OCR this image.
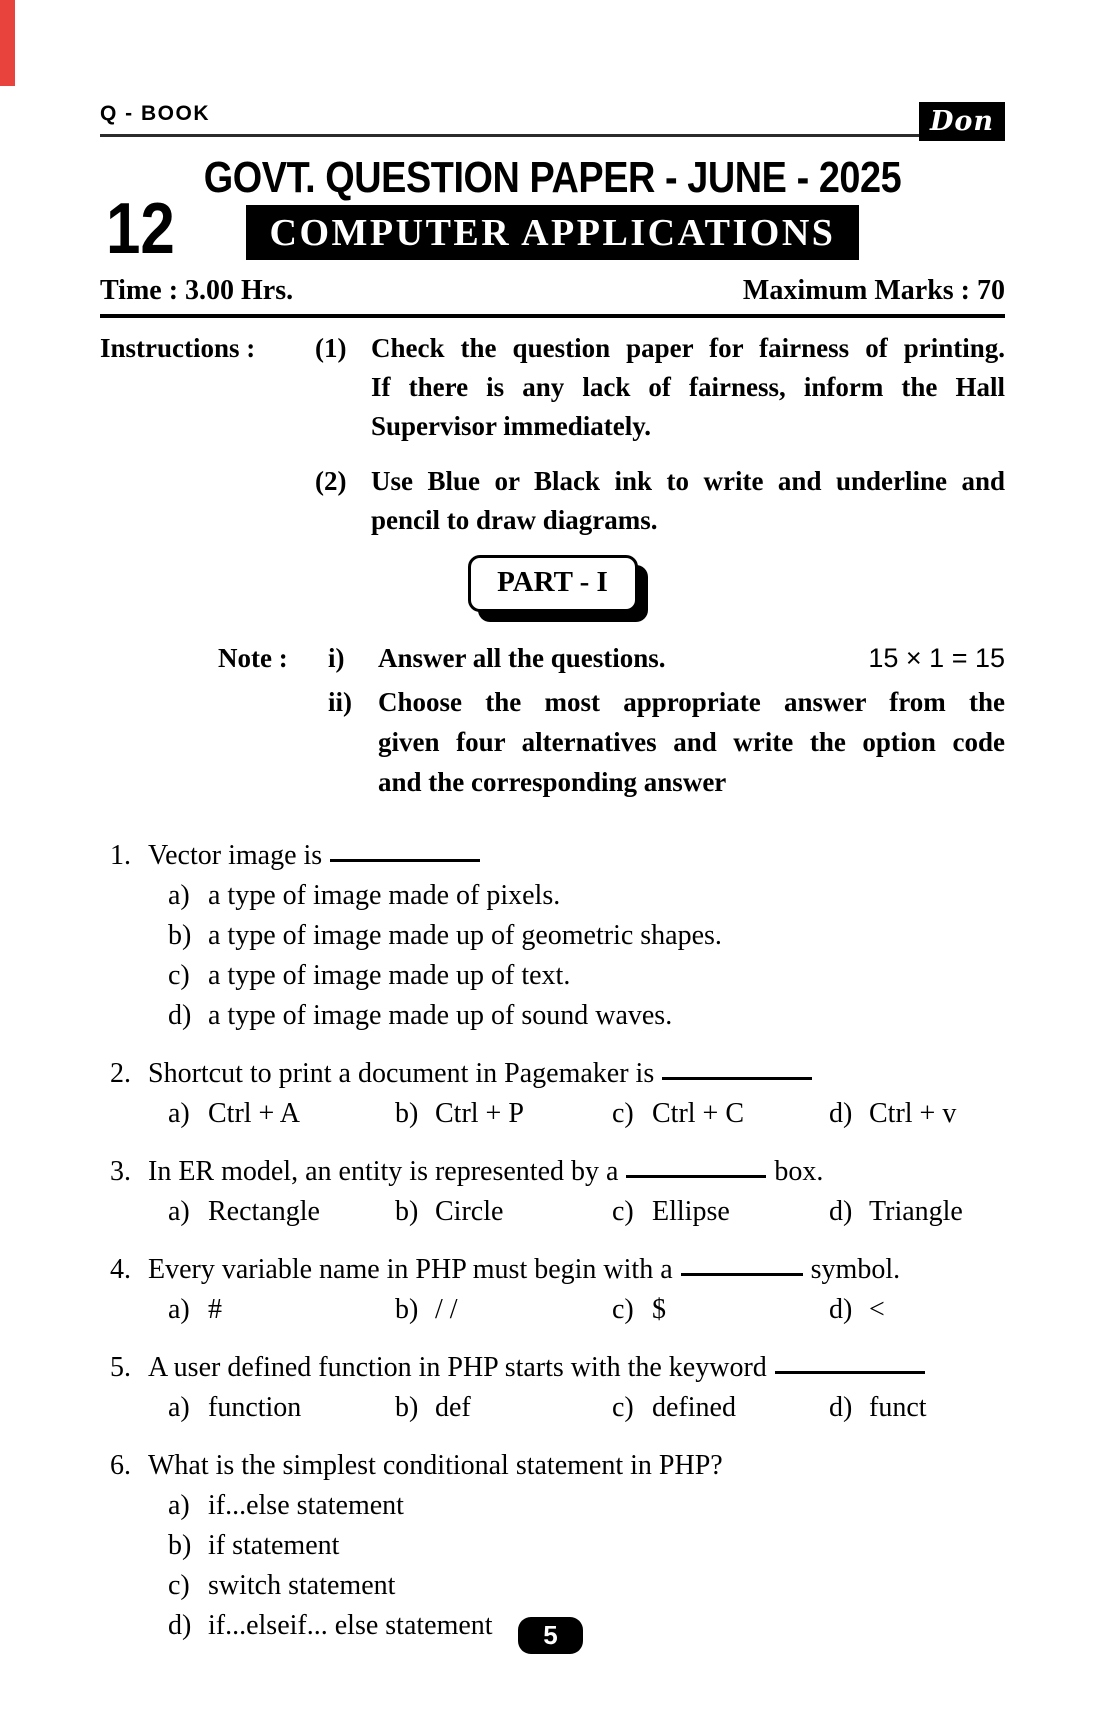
Q - BOOK	Don
GOVT. QUESTION PAPER - JUNE - 2025
12 COMPUTER APPLICATIONS
Time : 3.00 Hrs.	Maximum Marks : 70
Instructions :	(1) Check the question paper for fairness of printing.
If there is any lack of fairness, inform the Hall
Supervisor immediately.
(2) Use Blue or Black ink to write and underline and
pencil to draw diagrams.
PART - I
Note :	i)	Answer all the questions.	15 × 1 = 15
ii) Choose the most appropriate answer from the
given four alternatives and write the option code
and the corresponding answer
1. Vector image is
a) a type of image made of pixels.
b) a type of image made up of geometric shapes.
c) a type of image made up of text.
d) a type of image made up of sound waves.
2. Shortcut to print a document in Pagemaker is
a) Ctrl + A	b) Ctrl + P	c) Ctrl + C	d) Ctrl + v
3. In ER model, an entity is represented by a	box.
a) Rectangle	b) Circle	c) Ellipse	d) Triangle
4. Every variable name in PHP must begin with a	symbol.
a) #	b) / /	c) $	d) <
5. A user defined function in PHP starts with the keyword
a) function	b) def	c) defined	d) funct
6. What is the simplest conditional statement in PHP?
a) if...else statement
b) if statement
c) switch statement
d) if...elseif... else statement	5
